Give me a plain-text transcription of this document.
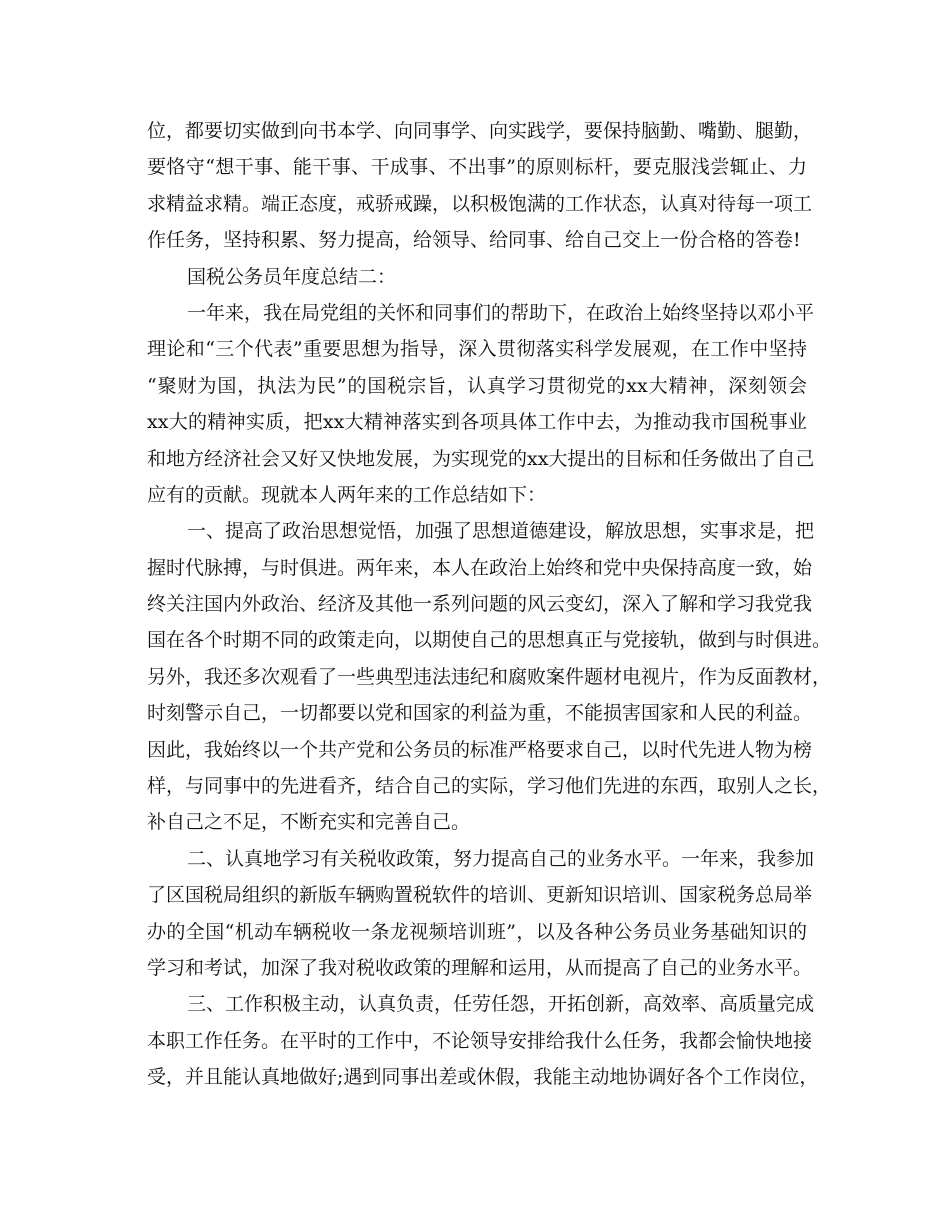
位，都要切实做到向书本学、向同事学、向实践学，要保持脑勤、嘴勤、腿勤，
要恪守“想干事、能干事、干成事、不出事”的原则标杆，要克服浅尝辄止、力
求精益求精。端正态度，戒骄戒躁，以积极饱满的工作状态，认真对待每一项工
作任务，坚持积累、努力提高，给领导、给同事、给自己交上一份合格的答卷!
国税公务员年度总结二：
一年来，我在局党组的关怀和同事们的帮助下，在政治上始终坚持以邓小平
理论和“三个代表”重要思想为指导，深入贯彻落实科学发展观，在工作中坚持
“聚财为国，执法为民”的国税宗旨，认真学习贯彻党的xx大精神，深刻领会
xx大的精神实质，把xx大精神落实到各项具体工作中去，为推动我市国税事业
和地方经济社会又好又快地发展，为实现党的xx大提出的目标和任务做出了自己
应有的贡献。现就本人两年来的工作总结如下：
一、提高了政治思想觉悟，加强了思想道德建设，解放思想，实事求是，把
握时代脉搏，与时俱进。两年来，本人在政治上始终和党中央保持高度一致，始
终关注国内外政治、经济及其他一系列问题的风云变幻，深入了解和学习我党我
国在各个时期不同的政策走向，以期使自己的思想真正与党接轨，做到与时俱进。
另外，我还多次观看了一些典型违法违纪和腐败案件题材电视片，作为反面教材，
时刻警示自己，一切都要以党和国家的利益为重，不能损害国家和人民的利益。
因此，我始终以一个共产党和公务员的标准严格要求自己，以时代先进人物为榜
样，与同事中的先进看齐，结合自己的实际，学习他们先进的东西，取别人之长，
补自己之不足，不断充实和完善自己。
二、认真地学习有关税收政策，努力提高自己的业务水平。一年来，我参加
了区国税局组织的新版车辆购置税软件的培训、更新知识培训、国家税务总局举
办的全国“机动车辆税收一条龙视频培训班”，以及各种公务员业务基础知识的
学习和考试，加深了我对税收政策的理解和运用，从而提高了自己的业务水平。
三、工作积极主动，认真负责，任劳任怨，开拓创新，高效率、高质量完成
本职工作任务。在平时的工作中，不论领导安排给我什么任务，我都会愉快地接
受，并且能认真地做好;遇到同事出差或休假，我能主动地协调好各个工作岗位，
